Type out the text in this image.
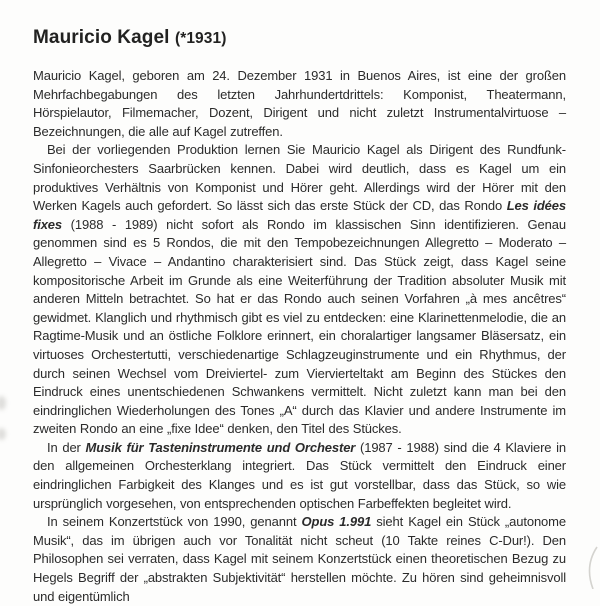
Mauricio Kagel (*1931)

Mauricio Kagel, geboren am 24. Dezember 1931 in Buenos Aires, ist eine der großen Mehrfachbegabungen des letzten Jahrhundertdrittels: Komponist, Theatermann, Hörspielautor, Filmemacher, Dozent, Dirigent und nicht zuletzt Instrumentalvirtuose – Bezeichnungen, die alle auf Kagel zutreffen.

Bei der vorliegenden Produktion lernen Sie Mauricio Kagel als Dirigent des Rundfunk-Sinfonieorchesters Saarbrücken kennen. Dabei wird deutlich, dass es Kagel um ein produktives Verhältnis von Komponist und Hörer geht. Allerdings wird der Hörer mit den Werken Kagels auch gefordert. So lässt sich das erste Stück der CD, das Rondo Les idées fixes (1988 - 1989) nicht sofort als Rondo im klassischen Sinn identifizieren. Genau genommen sind es 5 Rondos, die mit den Tempobezeichnungen Allegretto – Moderato – Allegretto – Vivace – Andantino charakterisiert sind. Das Stück zeigt, dass Kagel seine kompositorische Arbeit im Grunde als eine Weiterführung der Tradition absoluter Musik mit anderen Mitteln betrachtet. So hat er das Rondo auch seinen Vorfahren „à mes ancêtres“ gewidmet. Klanglich und rhythmisch gibt es viel zu entdecken: eine Klarinettenmelodie, die an Ragtime-Musik und an östliche Folklore erinnert, ein choralartiger langsamer Bläsersatz, ein virtuoses Orchestertutti, verschiedenartige Schlagzeuginstrumente und ein Rhythmus, der durch seinen Wechsel vom Dreiviertel- zum Viervierteltakt am Beginn des Stückes den Eindruck eines unentschiedenen Schwankens vermittelt. Nicht zuletzt kann man bei den eindringlichen Wiederholungen des Tones „A“ durch das Klavier und andere Instrumente im zweiten Rondo an eine „fixe Idee“ denken, den Titel des Stückes.

In der Musik für Tasteninstrumente und Orchester (1987 - 1988) sind die 4 Klaviere in den allgemeinen Orchesterklang integriert. Das Stück vermittelt den Eindruck einer eindringlichen Farbigkeit des Klanges und es ist gut vorstellbar, dass das Stück, so wie ursprünglich vorgesehen, von entsprechenden optischen Farbeffekten begleitet wird.

In seinem Konzertstück von 1990, genannt Opus 1.991 sieht Kagel ein Stück „autonome Musik“, das im übrigen auch vor Tonalität nicht scheut (10 Takte reines C-Dur!). Den Philosophen sei verraten, dass Kagel mit seinem Konzertstück einen theoretischen Bezug zu Hegels Begriff der „abstrakten Subjektivität“ herstellen möchte. Zu hören sind geheimnisvoll und eigentümlich
